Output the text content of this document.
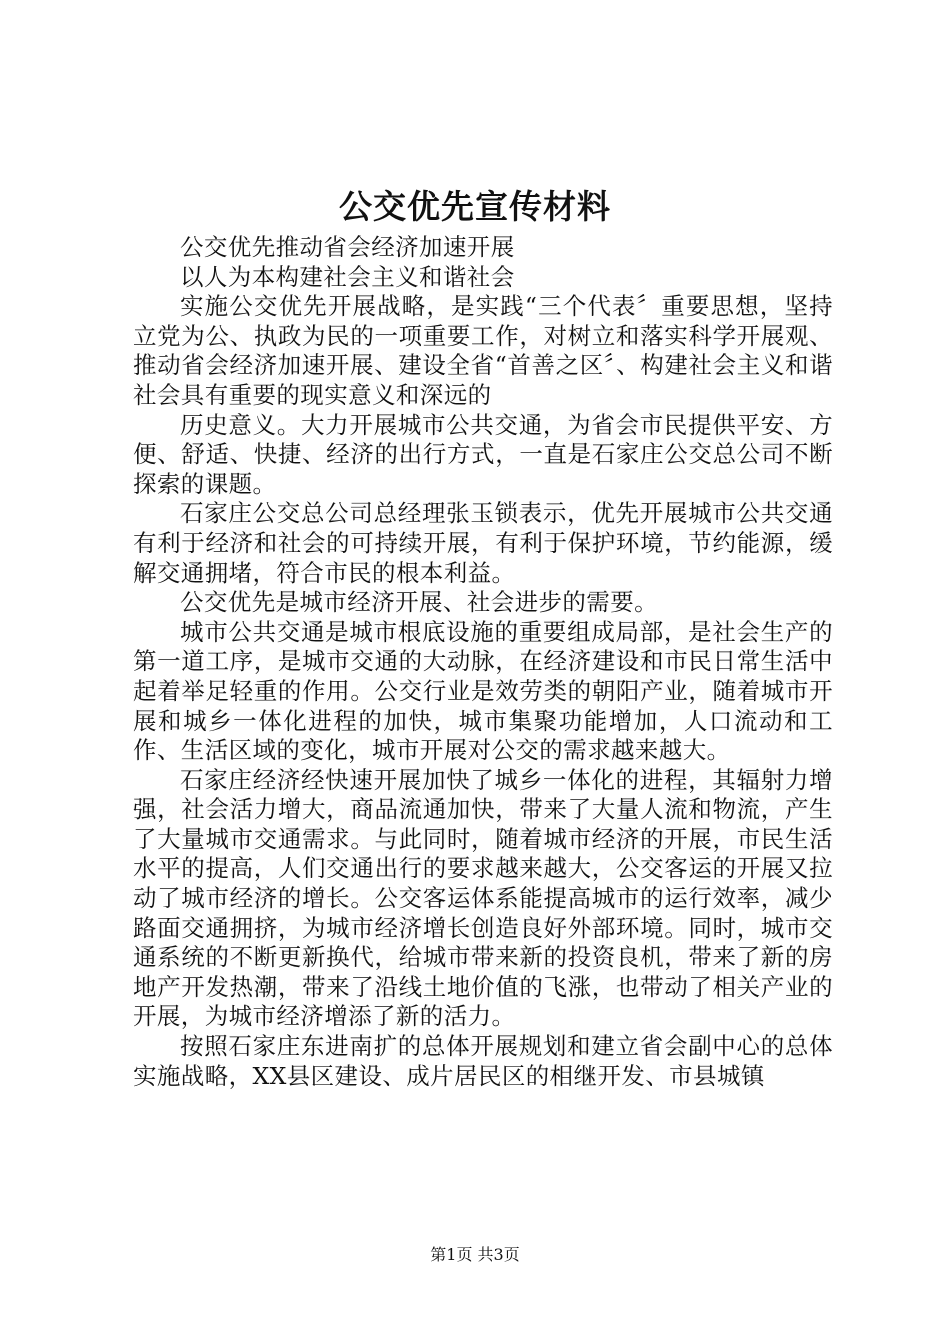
公交优先宣传材料

公交优先推动省会经济加速开展

以人为本构建社会主义和谐社会

实施公交优先开展战略，是实践“三个代表〞重要思想，坚持立党为公、执政为民的一项重要工作，对树立和落实科学开展观、推动省会经济加速开展、建设全省“首善之区〞、构建社会主义和谐社会具有重要的现实意义和深远的

历史意义。大力开展城市公共交通，为省会市民提供平安、方便、舒适、快捷、经济的出行方式，一直是石家庄公交总公司不断探索的课题。

石家庄公交总公司总经理张玉锁表示，优先开展城市公共交通有利于经济和社会的可持续开展，有利于保护环境，节约能源，缓解交通拥堵，符合市民的根本利益。

公交优先是城市经济开展、社会进步的需要。

城市公共交通是城市根底设施的重要组成局部，是社会生产的第一道工序，是城市交通的大动脉，在经济建设和市民日常生活中起着举足轻重的作用。公交行业是效劳类的朝阳产业，随着城市开展和城乡一体化进程的加快，城市集聚功能增加，人口流动和工作、生活区域的变化，城市开展对公交的需求越来越大。

石家庄经济经快速开展加快了城乡一体化的进程，其辐射力增强，社会活力增大，商品流通加快，带来了大量人流和物流，产生了大量城市交通需求。与此同时，随着城市经济的开展，市民生活水平的提高，人们交通出行的要求越来越大，公交客运的开展又拉动了城市经济的增长。公交客运体系能提高城市的运行效率，减少路面交通拥挤，为城市经济增长创造良好外部环境。同时，城市交通系统的不断更新换代，给城市带来新的投资良机，带来了新的房地产开发热潮，带来了沿线土地价值的飞涨，也带动了相关产业的开展，为城市经济增添了新的活力。

按照石家庄东进南扩的总体开展规划和建立省会副中心的总体实施战略，XX县区建设、成片居民区的相继开发、市县城镇

第1页 共3页
